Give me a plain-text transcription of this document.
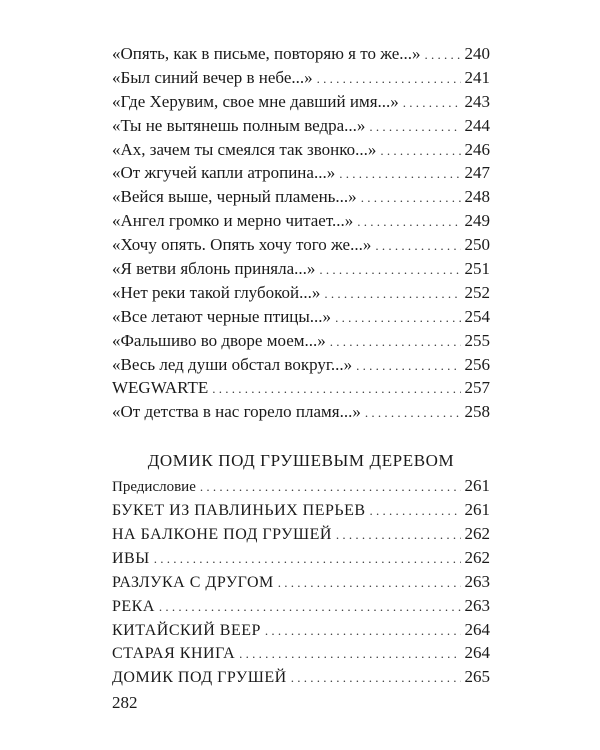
«Опять, как в письме, повторяю я то же...» . . .	240
«Был синий вечер в небе...» . . .	241
«Где Херувим, свое мне давший имя...» . . .	243
«Ты не вытянешь полным ведра...» . . .	244
«Ах, зачем ты смеялся так звонко...» . . .	246
«От жгучей капли атропина...» . . .	247
«Вейся выше, черный пламень...» . . .	248
«Ангел громко и мерно читает...» . . .	249
«Хочу опять. Опять хочу того же...» . . .	250
«Я ветви яблонь приняла...» . . .	251
«Нет реки такой глубокой...» . . .	252
«Все летают черные птицы...» . . .	254
«Фальшиво во дворе моем...» . . .	255
«Весь лед души обстал вокруг...» . . .	256
WEGWARTE . . .	257
«От детства в нас горело пламя...» . . .	258
ДОМИК ПОД ГРУШЕВЫМ ДЕРЕВОМ
Предисловие . . .	261
БУКЕТ ИЗ ПАВЛИНЬИХ ПЕРЬЕВ . . .	261
НА БАЛКОНЕ ПОД ГРУШЕЙ . . .	262
ИВЫ . . .	262
РАЗЛУКА С ДРУГОМ . . .	263
РЕКА . . .	263
КИТАЙСКИЙ ВЕЕР . . .	264
СТАРАЯ КНИГА . . .	264
ДОМИК ПОД ГРУШЕЙ . . .	265
282
